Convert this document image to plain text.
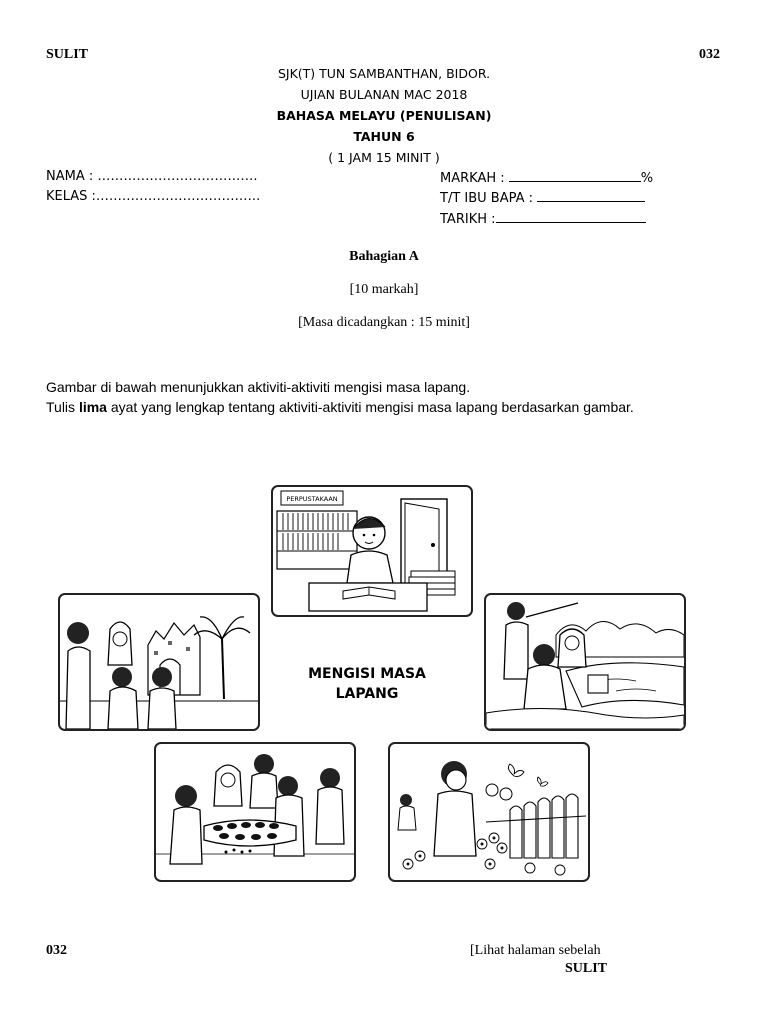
SULIT	032
SJK(T) TUN SAMBANTHAN, BIDOR.
UJIAN BULANAN MAC 2018
BAHASA MELAYU (PENULISAN)
TAHUN 6
( 1 JAM 15 MINIT )
NAMA : ……………………………….
KELAS :………………………………..
MARKAH :	%
T/T IBU BAPA :
TARIKH :
Bahagian A
[10 markah]
[Masa dicadangkan : 15 minit]
Gambar di bawah menunjukkan aktiviti-aktiviti mengisi masa lapang.
Tulis lima ayat yang lengkap tentang aktiviti-aktiviti mengisi masa lapang berdasarkan gambar.
MENGISI MASA
LAPANG
PERPUSTAKAAN
032	[Lihat halaman sebelah
SULIT
